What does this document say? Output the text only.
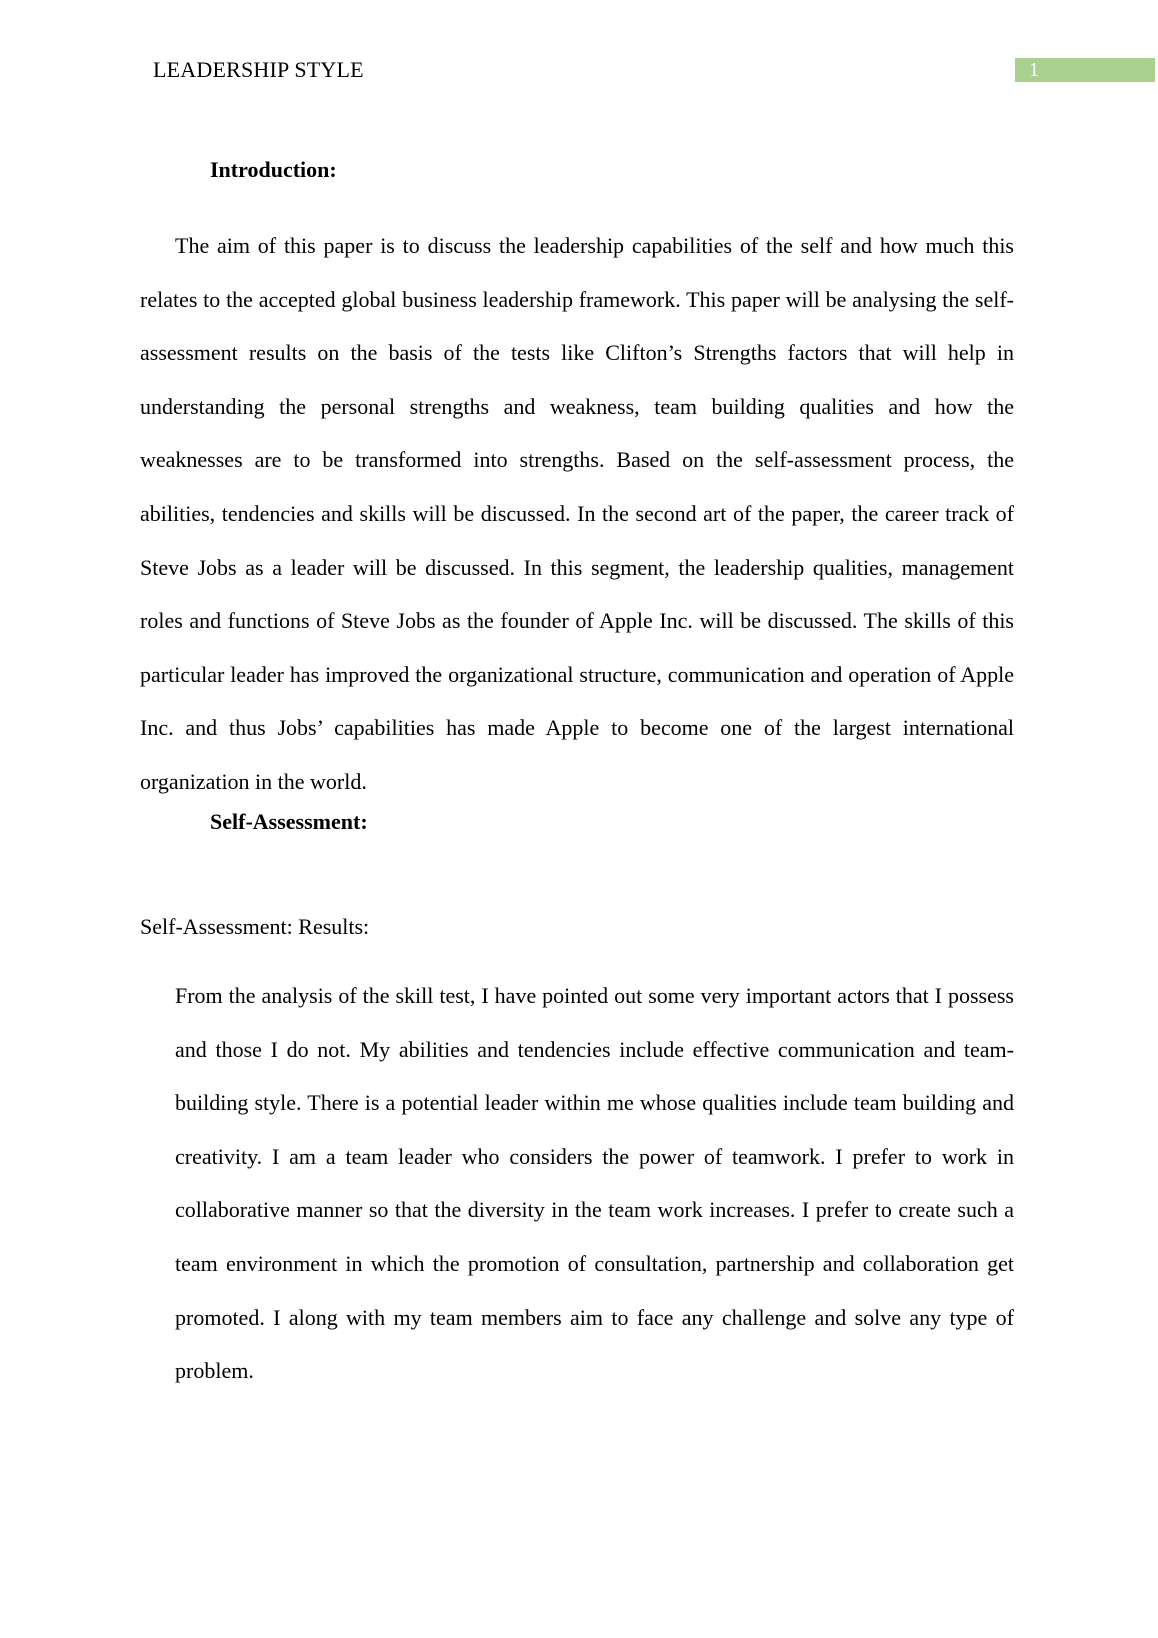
LEADERSHIP STYLE	1
Introduction:

The aim of this paper is to discuss the leadership capabilities of the self and how much this relates to the accepted global business leadership framework. This paper will be analysing the self-assessment results on the basis of the tests like Clifton’s Strengths factors that will help in understanding the personal strengths and weakness, team building qualities and how the weaknesses are to be transformed into strengths. Based on the self-assessment process, the abilities, tendencies and skills will be discussed. In the second art of the paper, the career track of Steve Jobs as a leader will be discussed. In this segment, the leadership qualities, management roles and functions of Steve Jobs as the founder of Apple Inc. will be discussed. The skills of this particular leader has improved the organizational structure, communication and operation of Apple Inc. and thus Jobs’ capabilities has made Apple to become one of the largest international organization in the world.

Self-Assessment:
Self-Assessment: Results:

From the analysis of the skill test, I have pointed out some very important actors that I possess and those I do not. My abilities and tendencies include effective communication and team-building style. There is a potential leader within me whose qualities include team building and creativity. I am a team leader who considers the power of teamwork. I prefer to work in collaborative manner so that the diversity in the team work increases. I prefer to create such a team environment in which the promotion of consultation, partnership and collaboration get promoted. I along with my team members aim to face any challenge and solve any type of problem.
